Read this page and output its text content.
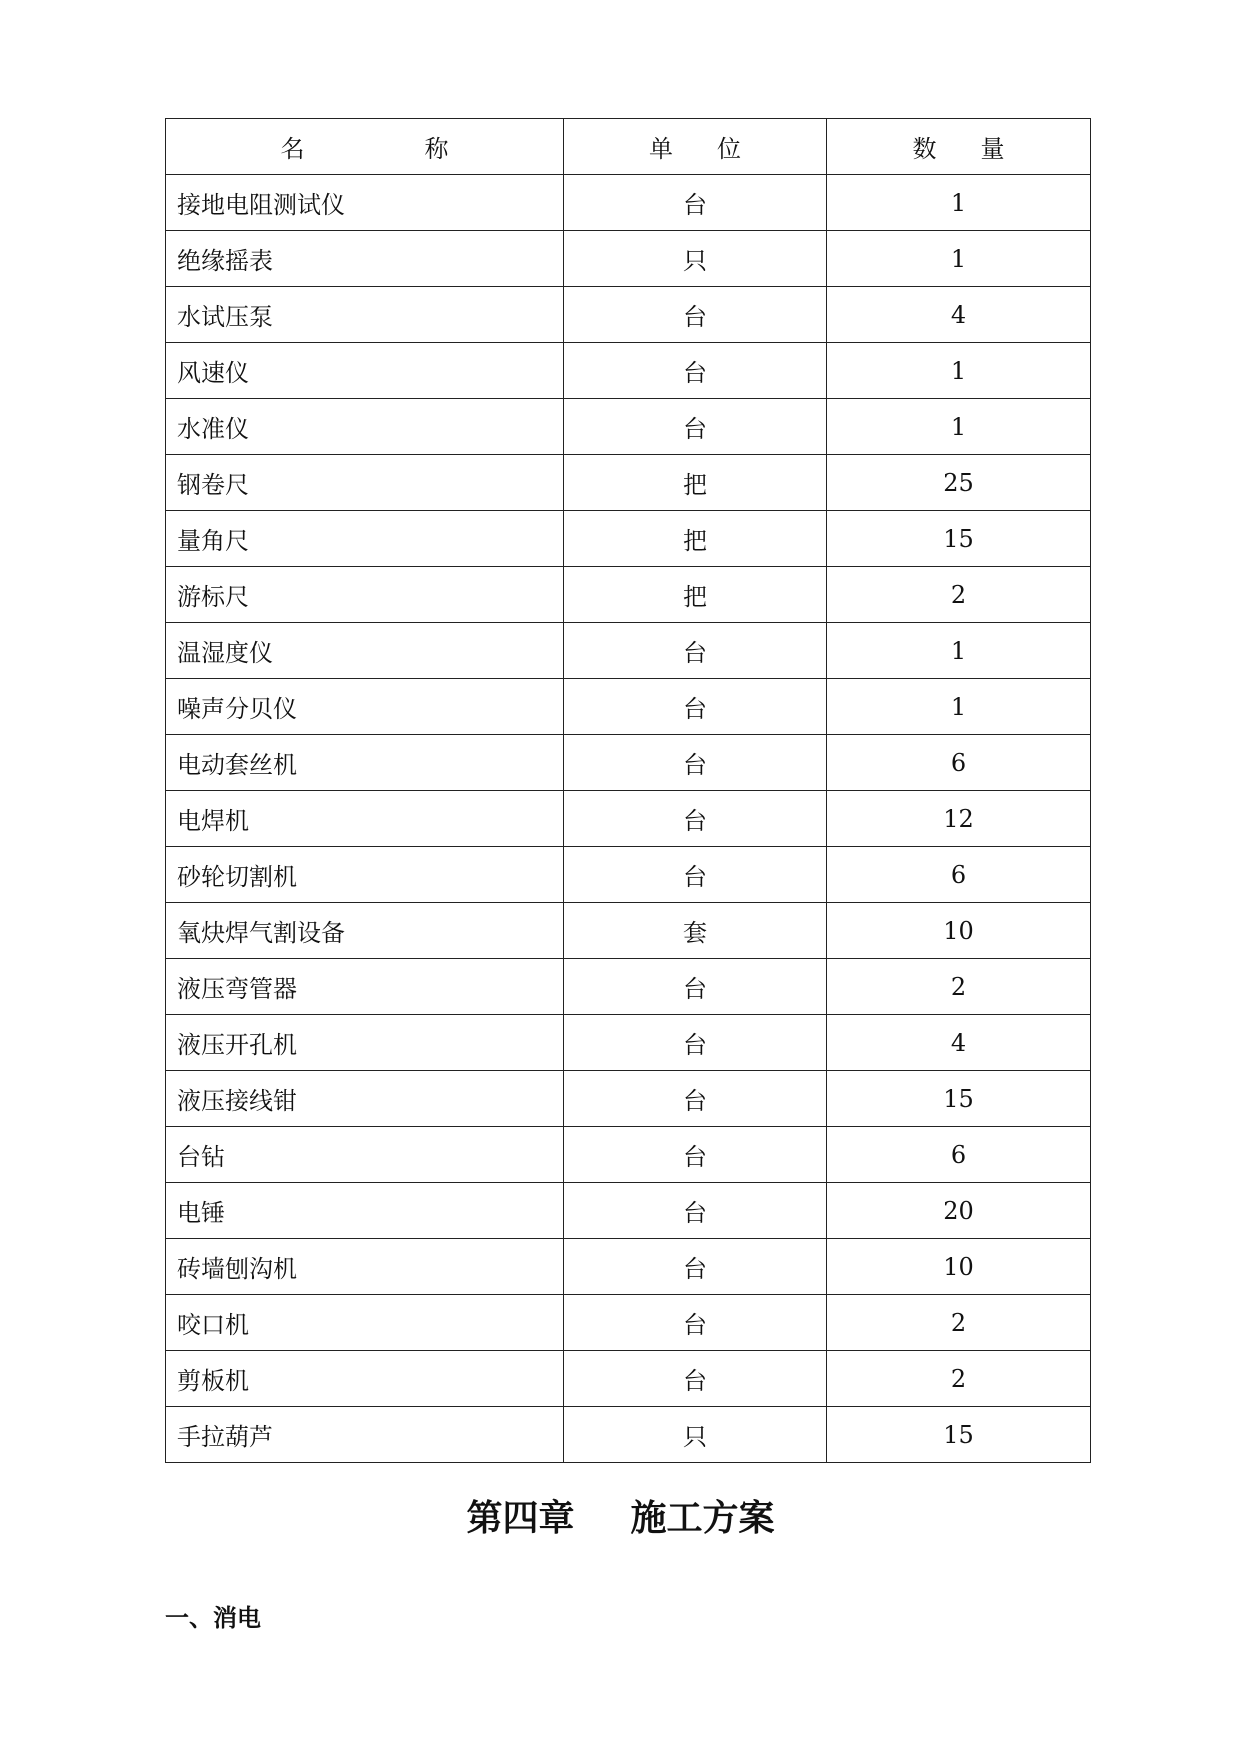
名 称	单 位	数 量
接地电阻测试仪	台	1
绝缘摇表	只	1
水试压泵	台	4
风速仪	台	1
水准仪	台	1
钢卷尺	把	25
量角尺	把	15
游标尺	把	2
温湿度仪	台	1
噪声分贝仪	台	1
电动套丝机	台	6
电焊机	台	12
砂轮切割机	台	6
氧炔焊气割设备	套	10
液压弯管器	台	2
液压开孔机	台	4
液压接线钳	台	15
台钻	台	6
电锤	台	20
砖墙刨沟机	台	10
咬口机	台	2
剪板机	台	2
手拉葫芦	只	15
第四章 施工方案
一、消电
